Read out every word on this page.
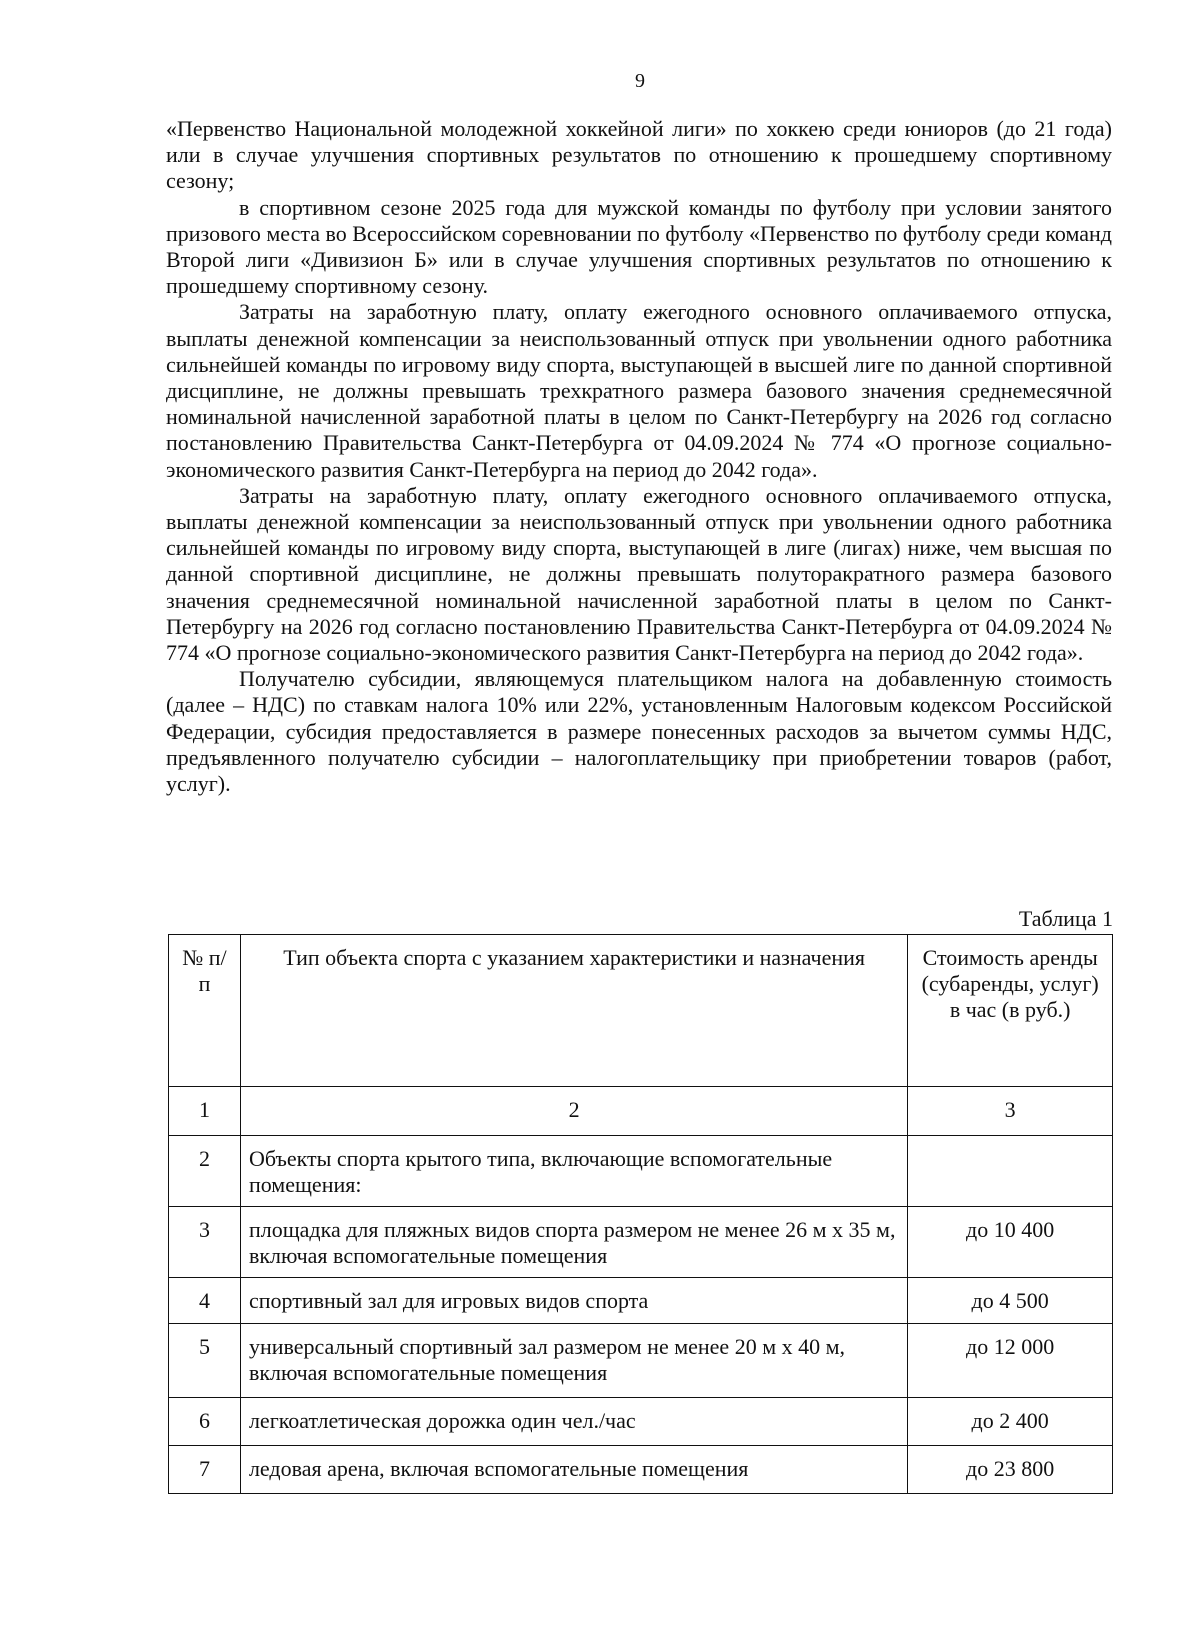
9

«Первенство Национальной молодежной хоккейной лиги» по хоккею среди юниоров (до 21 года) или в случае улучшения спортивных результатов по отношению к прошедшему спортивному сезону;

в спортивном сезоне 2025 года для мужской команды по футболу при условии занятого призового места во Всероссийском соревновании по футболу «Первенство по футболу среди команд Второй лиги «Дивизион Б» или в случае улучшения спортивных результатов по отношению к прошедшему спортивному сезону.

Затраты на заработную плату, оплату ежегодного основного оплачиваемого отпуска, выплаты денежной компенсации за неиспользованный отпуск при увольнении одного работника сильнейшей команды по игровому виду спорта, выступающей в высшей лиге по данной спортивной дисциплине, не должны превышать трехкратного размера базового значения среднемесячной номинальной начисленной заработной платы в целом по Санкт-Петербургу на 2026 год согласно постановлению Правительства Санкт-Петербурга от 04.09.2024 № 774 «О прогнозе социально-экономического развития Санкт-Петербурга на период до 2042 года».

Затраты на заработную плату, оплату ежегодного основного оплачиваемого отпуска, выплаты денежной компенсации за неиспользованный отпуск при увольнении одного работника сильнейшей команды по игровому виду спорта, выступающей в лиге (лигах) ниже, чем высшая по данной спортивной дисциплине, не должны превышать полуторакратного размера базового значения среднемесячной номинальной начисленной заработной платы в целом по Санкт-Петербургу на 2026 год согласно постановлению Правительства Санкт-Петербурга от 04.09.2024 № 774 «О прогнозе социально-экономического развития Санкт-Петербурга на период до 2042 года».

Получателю субсидии, являющемуся плательщиком налога на добавленную стоимость (далее – НДС) по ставкам налога 10% или 22%, установленным Налоговым кодексом Российской Федерации, субсидия предоставляется в размере понесенных расходов за вычетом суммы НДС, предъявленного получателю субсидии – налогоплательщику при приобретении товаров (работ, услуг).

Таблица 1
№ п/п	Тип объекта спорта с указанием характеристики и назначения	Стоимость аренды (субаренды, услуг) в час (в руб.)
1	2	3
2	Объекты спорта крытого типа, включающие вспомогательные помещения:	
3	площадка для пляжных видов спорта размером не менее 26 м х 35 м, включая вспомогательные помещения	до 10 400
4	спортивный зал для игровых видов спорта	до 4 500
5	универсальный спортивный зал размером не менее 20 м х 40 м, включая вспомогательные помещения	до 12 000
6	легкоатлетическая дорожка один чел./час	до 2 400
7	ледовая арена, включая вспомогательные помещения	до 23 800
